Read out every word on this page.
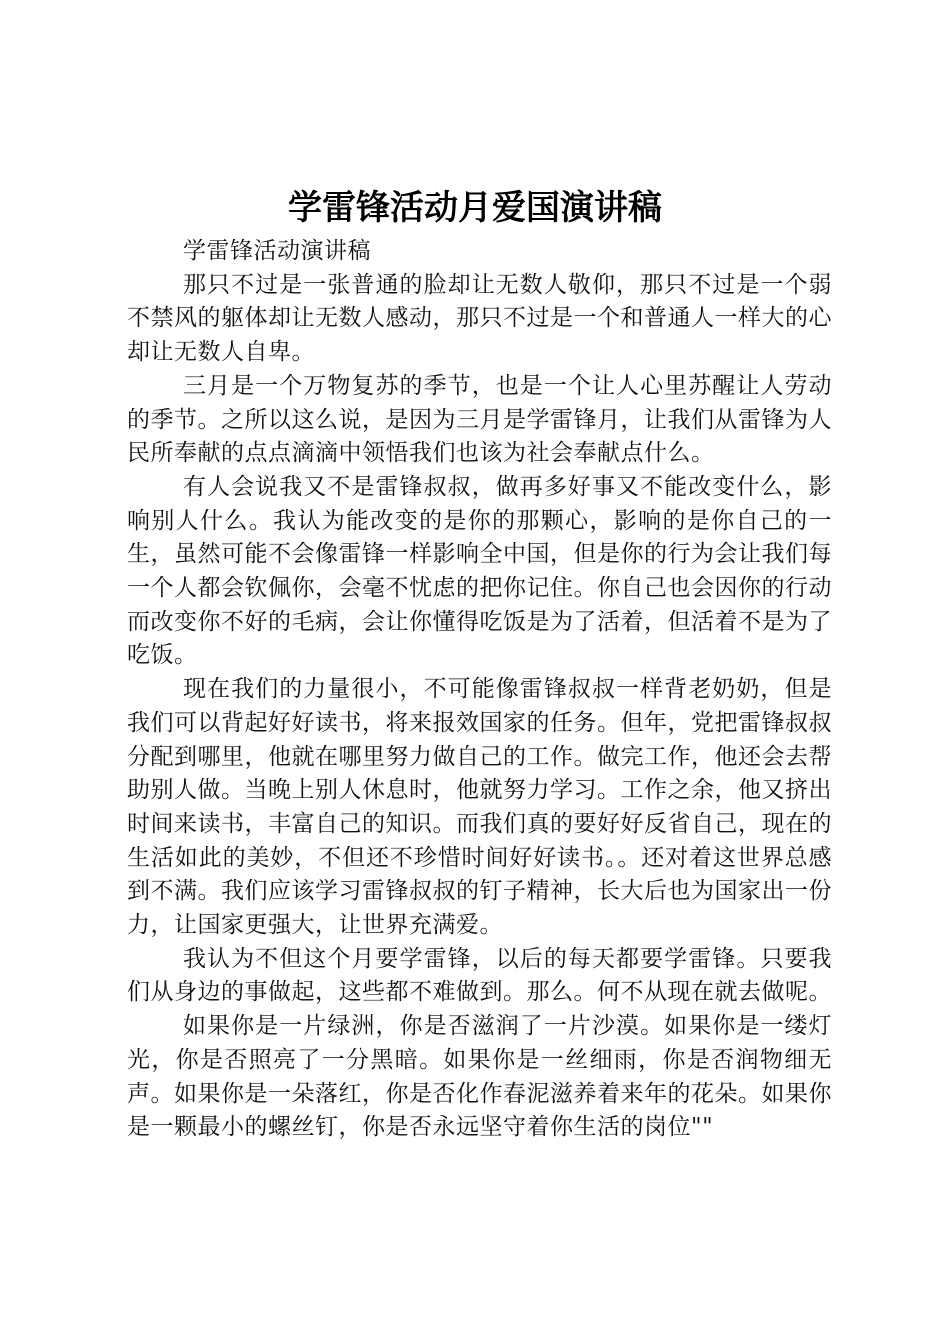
学雷锋活动月爱国演讲稿

学雷锋活动演讲稿

那只不过是一张普通的脸却让无数人敬仰，那只不过是一个弱不禁风的躯体却让无数人感动，那只不过是一个和普通人一样大的心却让无数人自卑。

三月是一个万物复苏的季节，也是一个让人心里苏醒让人劳动的季节。之所以这么说，是因为三月是学雷锋月，让我们从雷锋为人民所奉献的点点滴滴中领悟我们也该为社会奉献点什么。

有人会说我又不是雷锋叔叔，做再多好事又不能改变什么，影响别人什么。我认为能改变的是你的那颗心，影响的是你自己的一生，虽然可能不会像雷锋一样影响全中国，但是你的行为会让我们每一个人都会钦佩你，会毫不忧虑的把你记住。你自己也会因你的行动而改变你不好的毛病，会让你懂得吃饭是为了活着，但活着不是为了吃饭。

现在我们的力量很小，不可能像雷锋叔叔一样背老奶奶，但是我们可以背起好好读书，将来报效国家的任务。但年，党把雷锋叔叔分配到哪里，他就在哪里努力做自己的工作。做完工作，他还会去帮助别人做。当晚上别人休息时，他就努力学习。工作之余，他又挤出时间来读书，丰富自己的知识。而我们真的要好好反省自己，现在的生活如此的美妙，不但还不珍惜时间好好读书。。还对着这世界总感到不满。我们应该学习雷锋叔叔的钉子精神，长大后也为国家出一份力，让国家更强大，让世界充满爱。

我认为不但这个月要学雷锋，以后的每天都要学雷锋。只要我们从身边的事做起，这些都不难做到。那么。何不从现在就去做呢。

如果你是一片绿洲，你是否滋润了一片沙漠。如果你是一缕灯光，你是否照亮了一分黑暗。如果你是一丝细雨，你是否润物细无声。如果你是一朵落红，你是否化作春泥滋养着来年的花朵。如果你是一颗最小的螺丝钉，你是否永远坚守着你生活的岗位""
